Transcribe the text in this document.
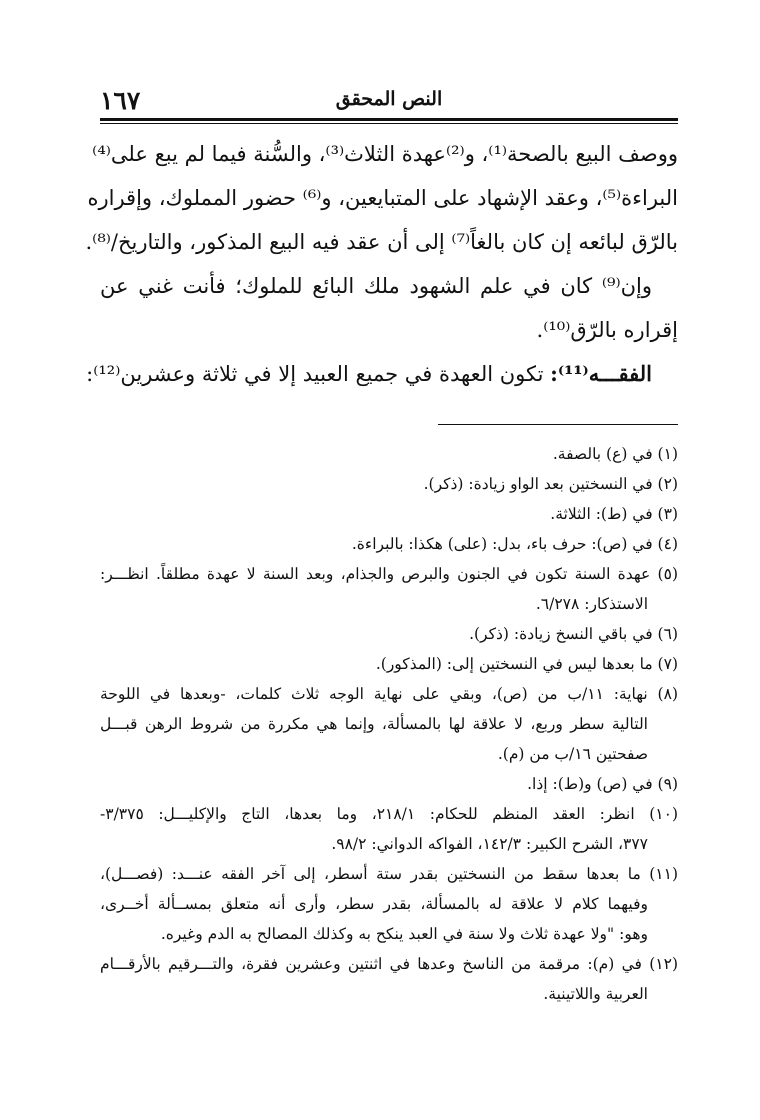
١٦٧	النص المحقق
ووصف البيع بالصحة⁽¹⁾، و⁽²⁾عهدة الثلاث⁽³⁾، والسُّنة فيما لم يبع على⁽⁴⁾
البراءة⁽⁵⁾، وعقد الإشهاد على المتبايعين، و⁽⁶⁾ حضور المملوك، وإقراره
بالرّق لبائعه إن كان بالغاً⁽⁷⁾ إلى أن عقد فيه البيع المذكور، والتاريخ/⁽⁸⁾.
وإن⁽⁹⁾ كان في علم الشهود ملك البائع للملوك؛ فأنت غني عن
إقراره بالرّق⁽¹⁰⁾.
الفقـــه⁽¹¹⁾: تكون العهدة في جميع العبيد إلا في ثلاثة وعشرين⁽¹²⁾:
(١) في (ع) بالصفة.
(٢) في النسختين بعد الواو زيادة: (ذكر).
(٣) في (ط): الثلاثة.
(٤) في (ص): حرف باء، بدل: (على) هكذا: بالبراءة.
(٥) عهدة السنة تكون في الجنون والبرص والجذام، وبعد السنة لا عهدة مطلقاً. انظـــر:
الاستذكار: ٦/٢٧٨.
(٦) في باقي النسخ زيادة: (ذكر).
(٧) ما بعدها ليس في النسختين إلى: (المذكور).
(٨) نهاية: ١١/ب من (ص)، وبقي على نهاية الوجه ثلاث كلمات، -وبعدها في اللوحة
التالية سطر وربع، لا علاقة لها بالمسألة، وإنما هي مكررة من شروط الرهن قبـــل
صفحتين ١٦/ب من (م).
(٩) في (ص) و(ط): إذا.
(١٠) انظر: العقد المنظم للحكام: ٢١٨/١، وما بعدها، التاج والإكليـــل: ٣/٣٧٥-
٣٧٧، الشرح الكبير: ١٤٢/٣، الفواكه الدواني: ٩٨/٢.
(١١) ما بعدها سقط من النسختين بقدر ستة أسطر، إلى آخر الفقه عنـــد: (فصـــل)،
وفيهما كلام لا علاقة له بالمسألة، بقدر سطر، وأرى أنه متعلق بمســألة أخــرى،
وهو: "ولا عهدة ثلاث ولا سنة في العبد ينكح به وكذلك المصالح به الدم وغيره.
(١٢) في (م): مرقمة من الناسخ وعدها في اثنتين وعشرين فقرة، والتـــرقيم بالأرقـــام
العربية واللاتينية.
